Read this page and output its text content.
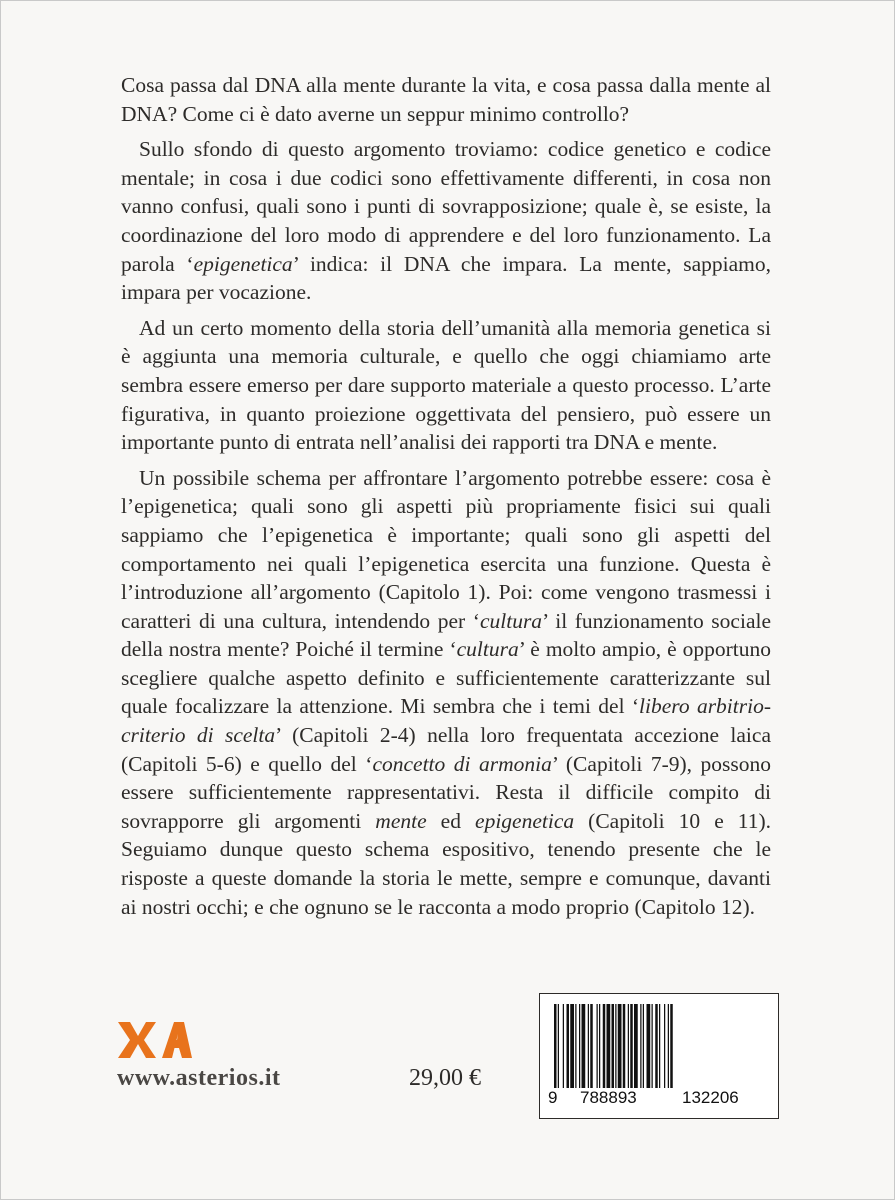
Cosa passa dal DNA alla mente durante la vita, e cosa passa dalla mente al DNA? Come ci è dato averne un seppur minimo controllo?

Sullo sfondo di questo argomento troviamo: codice genetico e codice mentale; in cosa i due codici sono effettivamente differenti, in cosa non vanno confusi, quali sono i punti di sovrapposizione; quale è, se esiste, la coordinazione del loro modo di apprendere e del loro funzionamento. La parola ‘epigenetica’ indica: il DNA che impara. La mente, sappiamo, impara per vocazione.

Ad un certo momento della storia dell’umanità alla memoria genetica si è aggiunta una memoria culturale, e quello che oggi chiamiamo arte sembra essere emerso per dare supporto materiale a questo processo. L’arte figurativa, in quanto proiezione oggettivata del pensiero, può essere un importante punto di entrata nell’analisi dei rapporti tra DNA e mente.

Un possibile schema per affrontare l’argomento potrebbe essere: cosa è l’epigenetica; quali sono gli aspetti più propriamente fisici sui quali sappiamo che l’epigenetica è importante; quali sono gli aspetti del comportamento nei quali l’epigenetica esercita una funzione. Questa è l’introduzione all’argomento (Capitolo 1). Poi: come vengono trasmessi i caratteri di una cultura, intendendo per ‘cultura’ il funzionamento sociale della nostra mente? Poiché il termine ‘cultura’ è molto ampio, è opportuno scegliere qualche aspetto definito e sufficientemente caratterizzante sul quale focalizzare la attenzione. Mi sembra che i temi del ‘libero arbitrio-criterio di scelta’ (Capitoli 2-4) nella loro frequentata accezione laica (Capitoli 5-6) e quello del ‘concetto di armonia’ (Capitoli 7-9), possono essere sufficientemente rappresentativi. Resta il difficile compito di sovrapporre gli argomenti mente ed epigenetica (Capitoli 10 e 11). Seguiamo dunque questo schema espositivo, tenendo presente che le risposte a queste domande la storia le mette, sempre e comunque, davanti ai nostri occhi; e che ognuno se le racconta a modo proprio (Capitolo 12).

www.asterios.it	29,00 €
9 788893	132206
